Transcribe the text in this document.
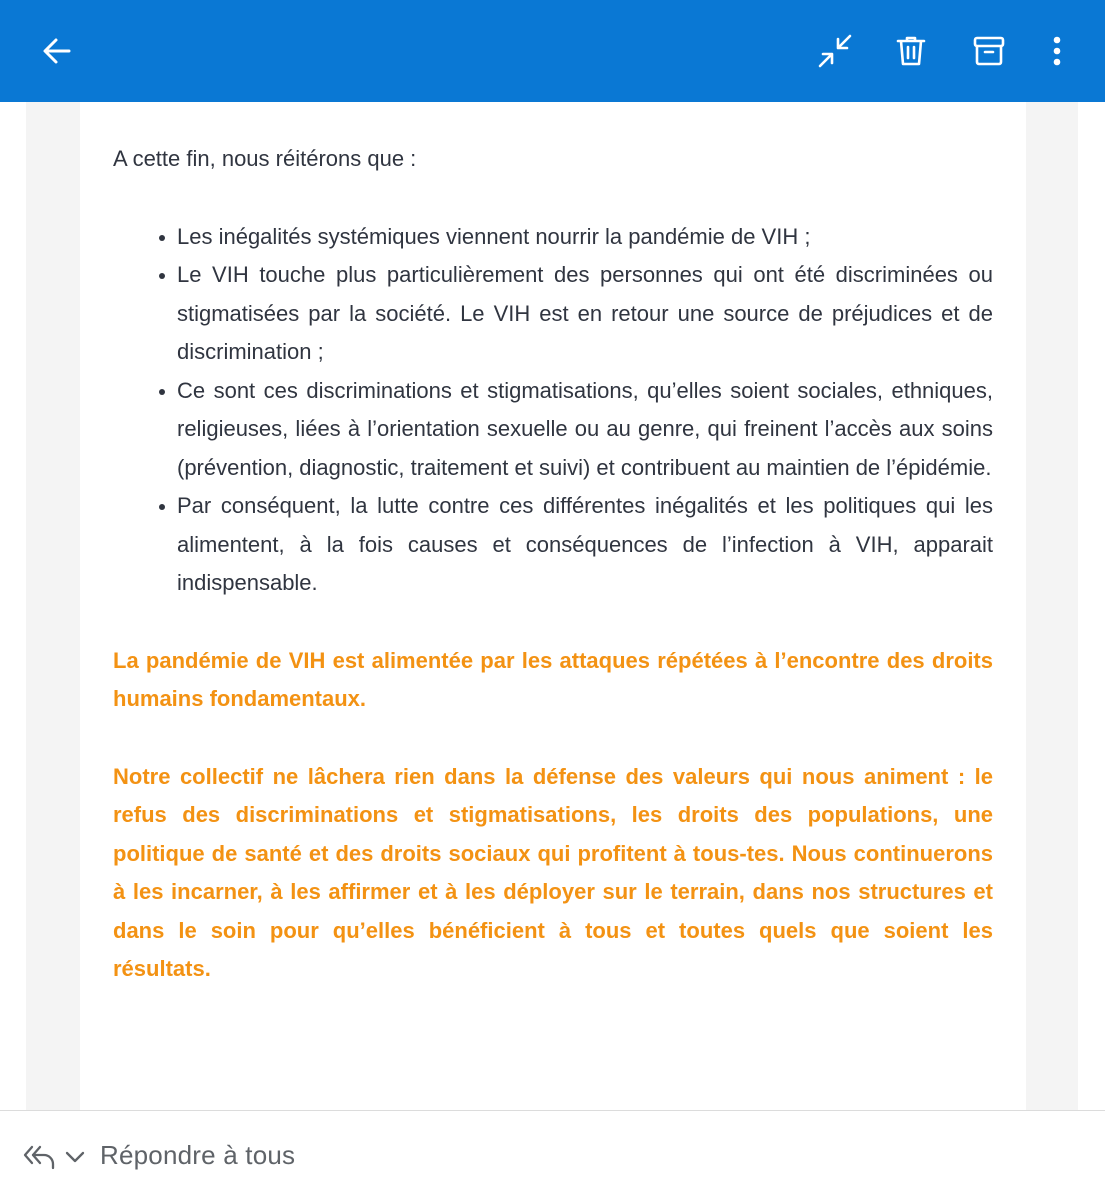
A cette fin, nous réitérons que :

Les inégalités systémiques viennent nourrir la pandémie de VIH ;
Le VIH touche plus particulièrement des personnes qui ont été discriminées ou stigmatisées par la société. Le VIH est en retour une source de préjudices et de discrimination ;
Ce sont ces discriminations et stigmatisations, qu’elles soient sociales, ethniques, religieuses, liées à l’orientation sexuelle ou au genre, qui freinent l’accès aux soins (prévention, diagnostic, traitement et suivi) et contribuent au maintien de l’épidémie.
Par conséquent, la lutte contre ces différentes inégalités et les politiques qui les alimentent, à la fois causes et conséquences de l’infection à VIH, apparait indispensable.

La pandémie de VIH est alimentée par les attaques répétées à l’encontre des droits humains fondamentaux.

Notre collectif ne lâchera rien dans la défense des valeurs qui nous animent : le refus des discriminations et stigmatisations, les droits des populations, une politique de santé et des droits sociaux qui profitent à tous-tes. Nous continuerons à les incarner, à les affirmer et à les déployer sur le terrain, dans nos structures et dans le soin pour qu’elles bénéficient à tous et toutes quels que soient les résultats.

Répondre à tous
